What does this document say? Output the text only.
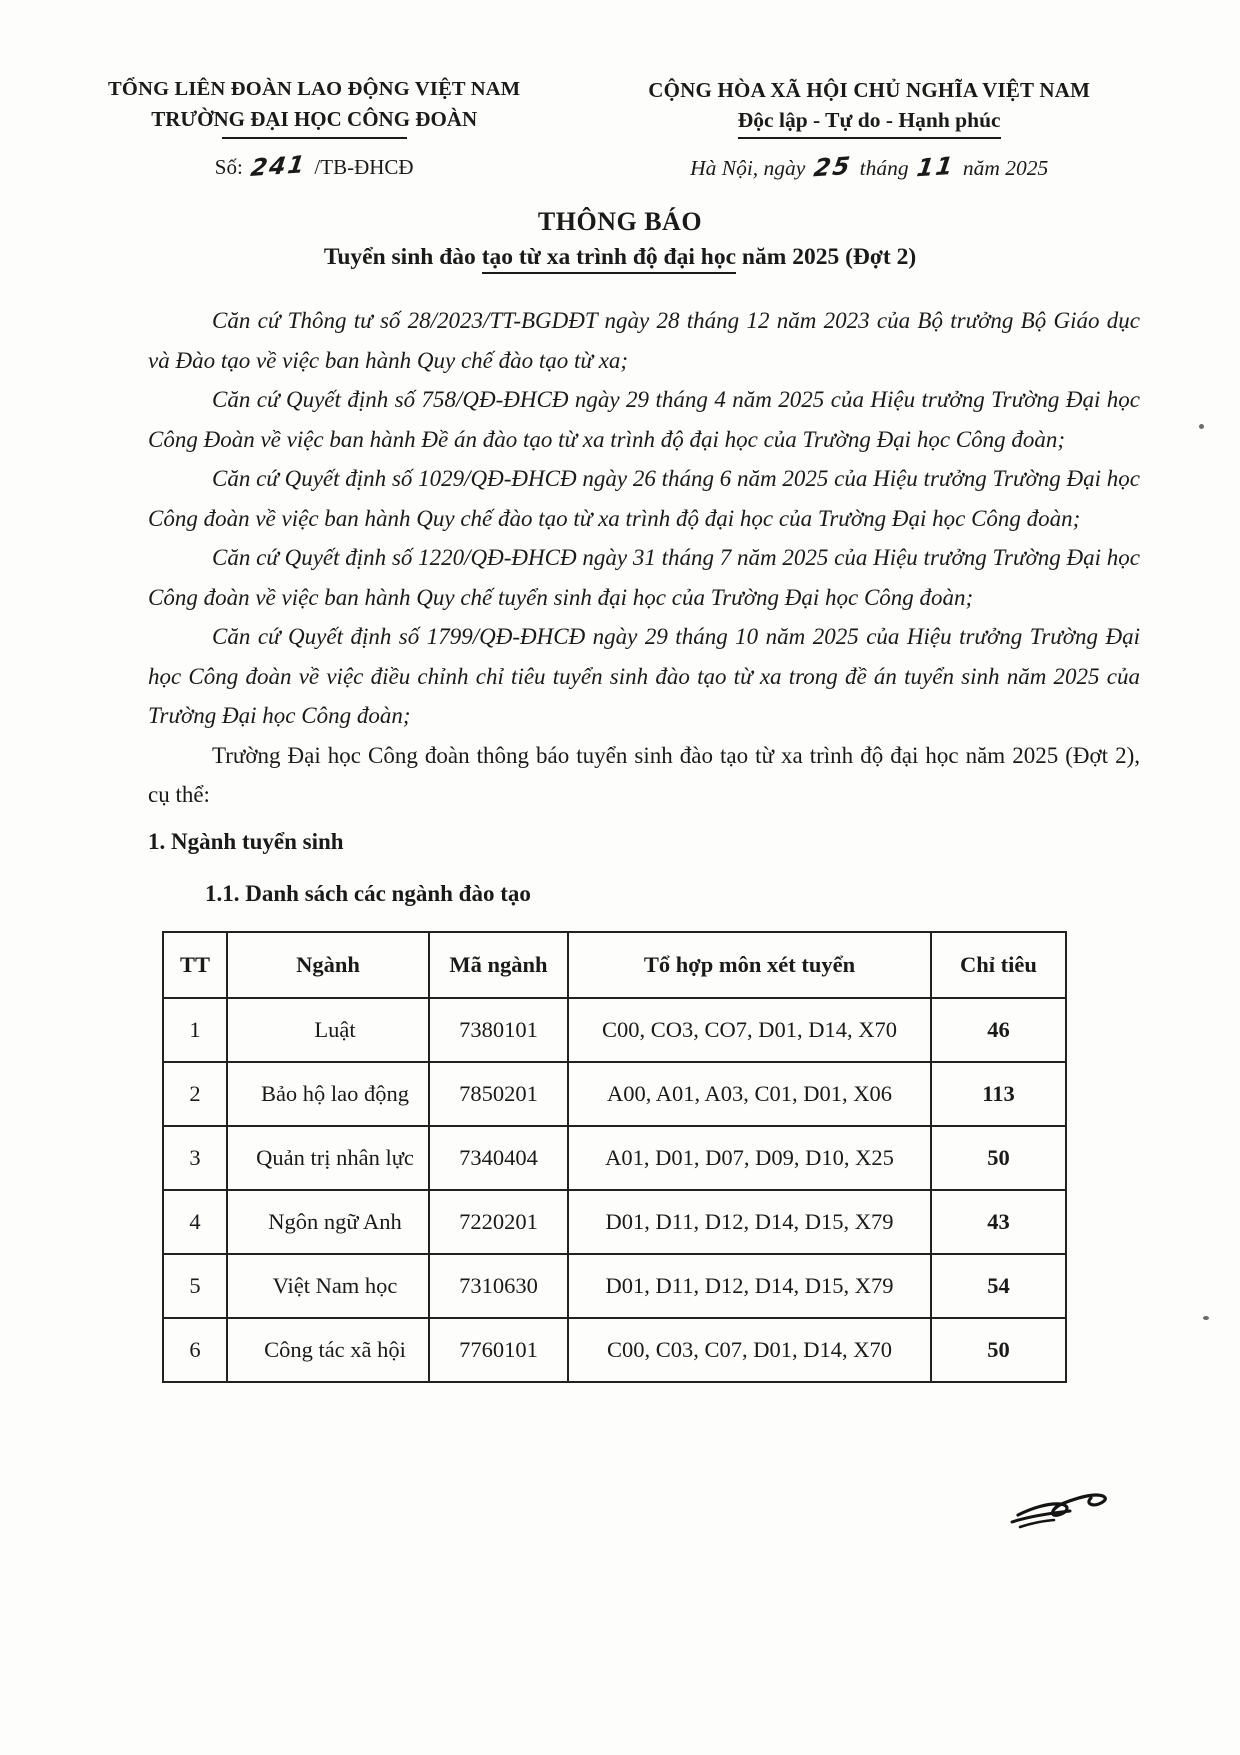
TỔNG LIÊN ĐOÀN LAO ĐỘNG VIỆT NAM
TRƯỜNG ĐẠI HỌC CÔNG ĐOÀN
Số: 241 /TB-ĐHCĐ
CỘNG HÒA XÃ HỘI CHỦ NGHĨA VIỆT NAM
Độc lập - Tự do - Hạnh phúc
Hà Nội, ngày 25 tháng 11 năm 2025
THÔNG BÁO
Tuyển sinh đào tạo từ xa trình độ đại học năm 2025 (Đợt 2)

Căn cứ Thông tư số 28/2023/TT-BGDĐT ngày 28 tháng 12 năm 2023 của Bộ trưởng Bộ Giáo dục và Đào tạo về việc ban hành Quy chế đào tạo từ xa;

Căn cứ Quyết định số 758/QĐ-ĐHCĐ ngày 29 tháng 4 năm 2025 của Hiệu trưởng Trường Đại học Công Đoàn về việc ban hành Đề án đào tạo từ xa trình độ đại học của Trường Đại học Công đoàn;

Căn cứ Quyết định số 1029/QĐ-ĐHCĐ ngày 26 tháng 6 năm 2025 của Hiệu trưởng Trường Đại học Công đoàn về việc ban hành Quy chế đào tạo từ xa trình độ đại học của Trường Đại học Công đoàn;

Căn cứ Quyết định số 1220/QĐ-ĐHCĐ ngày 31 tháng 7 năm 2025 của Hiệu trưởng Trường Đại học Công đoàn về việc ban hành Quy chế tuyển sinh đại học của Trường Đại học Công đoàn;

Căn cứ Quyết định số 1799/QĐ-ĐHCĐ ngày 29 tháng 10 năm 2025 của Hiệu trưởng Trường Đại học Công đoàn về việc điều chỉnh chỉ tiêu tuyển sinh đào tạo từ xa trong đề án tuyển sinh năm 2025 của Trường Đại học Công đoàn;

Trường Đại học Công đoàn thông báo tuyển sinh đào tạo từ xa trình độ đại học năm 2025 (Đợt 2), cụ thể:

1. Ngành tuyển sinh
1.1. Danh sách các ngành đào tạo
TT	Ngành	Mã ngành	Tổ hợp môn xét tuyển	Chỉ tiêu
1	Luật	7380101	C00, CO3, CO7, D01, D14, X70	46
2	Bảo hộ lao động	7850201	A00, A01, A03, C01, D01, X06	113
3	Quản trị nhân lực	7340404	A01, D01, D07, D09, D10, X25	50
4	Ngôn ngữ Anh	7220201	D01, D11, D12, D14, D15, X79	43
5	Việt Nam học	7310630	D01, D11, D12, D14, D15, X79	54
6	Công tác xã hội	7760101	C00, C03, C07, D01, D14, X70	50
